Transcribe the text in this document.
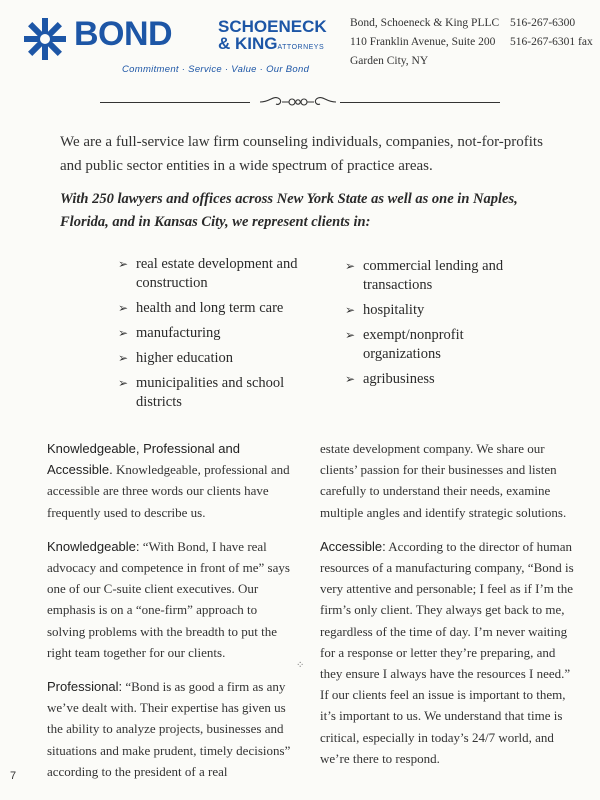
BOND	SCHOENECK
& KINGATTORNEYS
Commitment · Service · Value · Our Bond
Bond, Schoeneck & King PLLC
110 Franklin Avenue, Suite 200
Garden City, NY
516-267-6300
516-267-6301 fax
We are a full-service law firm counseling individuals, companies, not-for-profits and public sector entities in a wide spectrum of practice areas.
With 250 lawyers and offices across New York State as well as one in Naples, Florida, and in Kansas City, we represent clients in:
➢ real estate development and construction
➢ health and long term care
➢ manufacturing
➢ higher education
➢ municipalities and school districts
➢ commercial lending and transactions
➢ hospitality
➢ exempt/nonprofit organizations
➢ agribusiness

Knowledgeable, Professional and Accessible. Knowledgeable, professional and accessible are three words our clients have frequently used to describe us.

Knowledgeable: “With Bond, I have real advocacy and competence in front of me” says one of our C-suite client executives. Our emphasis is on a “one-firm” approach to solving problems with the breadth to put the right team together for our clients.

Professional: “Bond is as good a firm as any we’ve dealt with. Their expertise has given us the ability to analyze projects, businesses and situations and make prudent, timely decisions” according to the president of a real

estate development company. We share our clients’ passion for their businesses and listen carefully to understand their needs, examine multiple angles and identify strategic solutions.

Accessible: According to the director of human resources of a manufacturing company, “Bond is very attentive and personable; I feel as if I’m the firm’s only client. They always get back to me, regardless of the time of day. I’m never waiting for a response or letter they’re preparing, and they ensure I always have the resources I need.” If our clients feel an issue is important to them, it’s important to us. We understand that time is critical, especially in today’s 24/7 world, and we’re there to respond.

⁘
7
